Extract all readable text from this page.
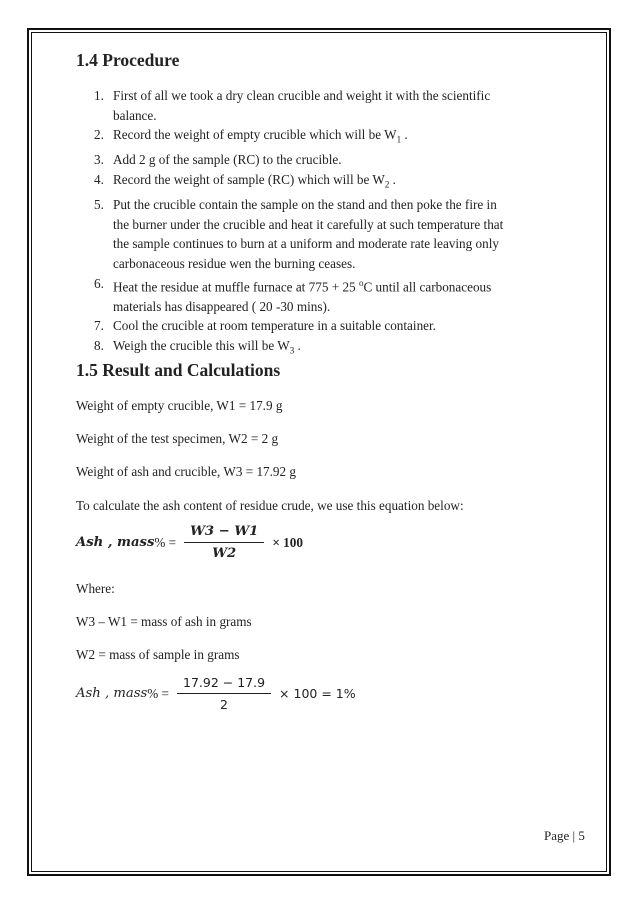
1.4 Procedure
1. First of all we took a dry clean crucible and weight it with the scientific
balance.
2. Record the weight of empty crucible which will be $W_1$ .
3. Add 2 g of the sample (RC) to the crucible.
4. Record the weight of sample (RC) which will be $W_2$ .
5. Put the crucible contain the sample on the stand and then poke the fire in
the burner under the crucible and heat it carefully at such temperature that
the sample continues to burn at a uniform and moderate rate leaving only
carbonaceous residue wen the burning ceases.
6. Heat the residue at muffle furnace at 775 + 25 $^o$C until all carbonaceous
materials has disappeared ( 20 -30 mins).
7. Cool the crucible at room temperature in a suitable container.
8. Weigh the crucible this will be $W_3$ .
1.5 Result and Calculations
Weight of empty crucible, W1 = 17.9 g
Weight of the test specimen, W2 = 2 g
Weight of ash and crucible, W3 = 17.92 g
To calculate the ash content of residue crude, we use this equation below:
Ash , mass % = $\frac{W3 - W1}{W2} \times 100$
Where:
W3 – W1 = mass of ash in grams
W2 = mass of sample in grams
Ash , mass % = $\frac{17.92 - 17.9}{2} \times 100 = 1\%$
Page | 5
